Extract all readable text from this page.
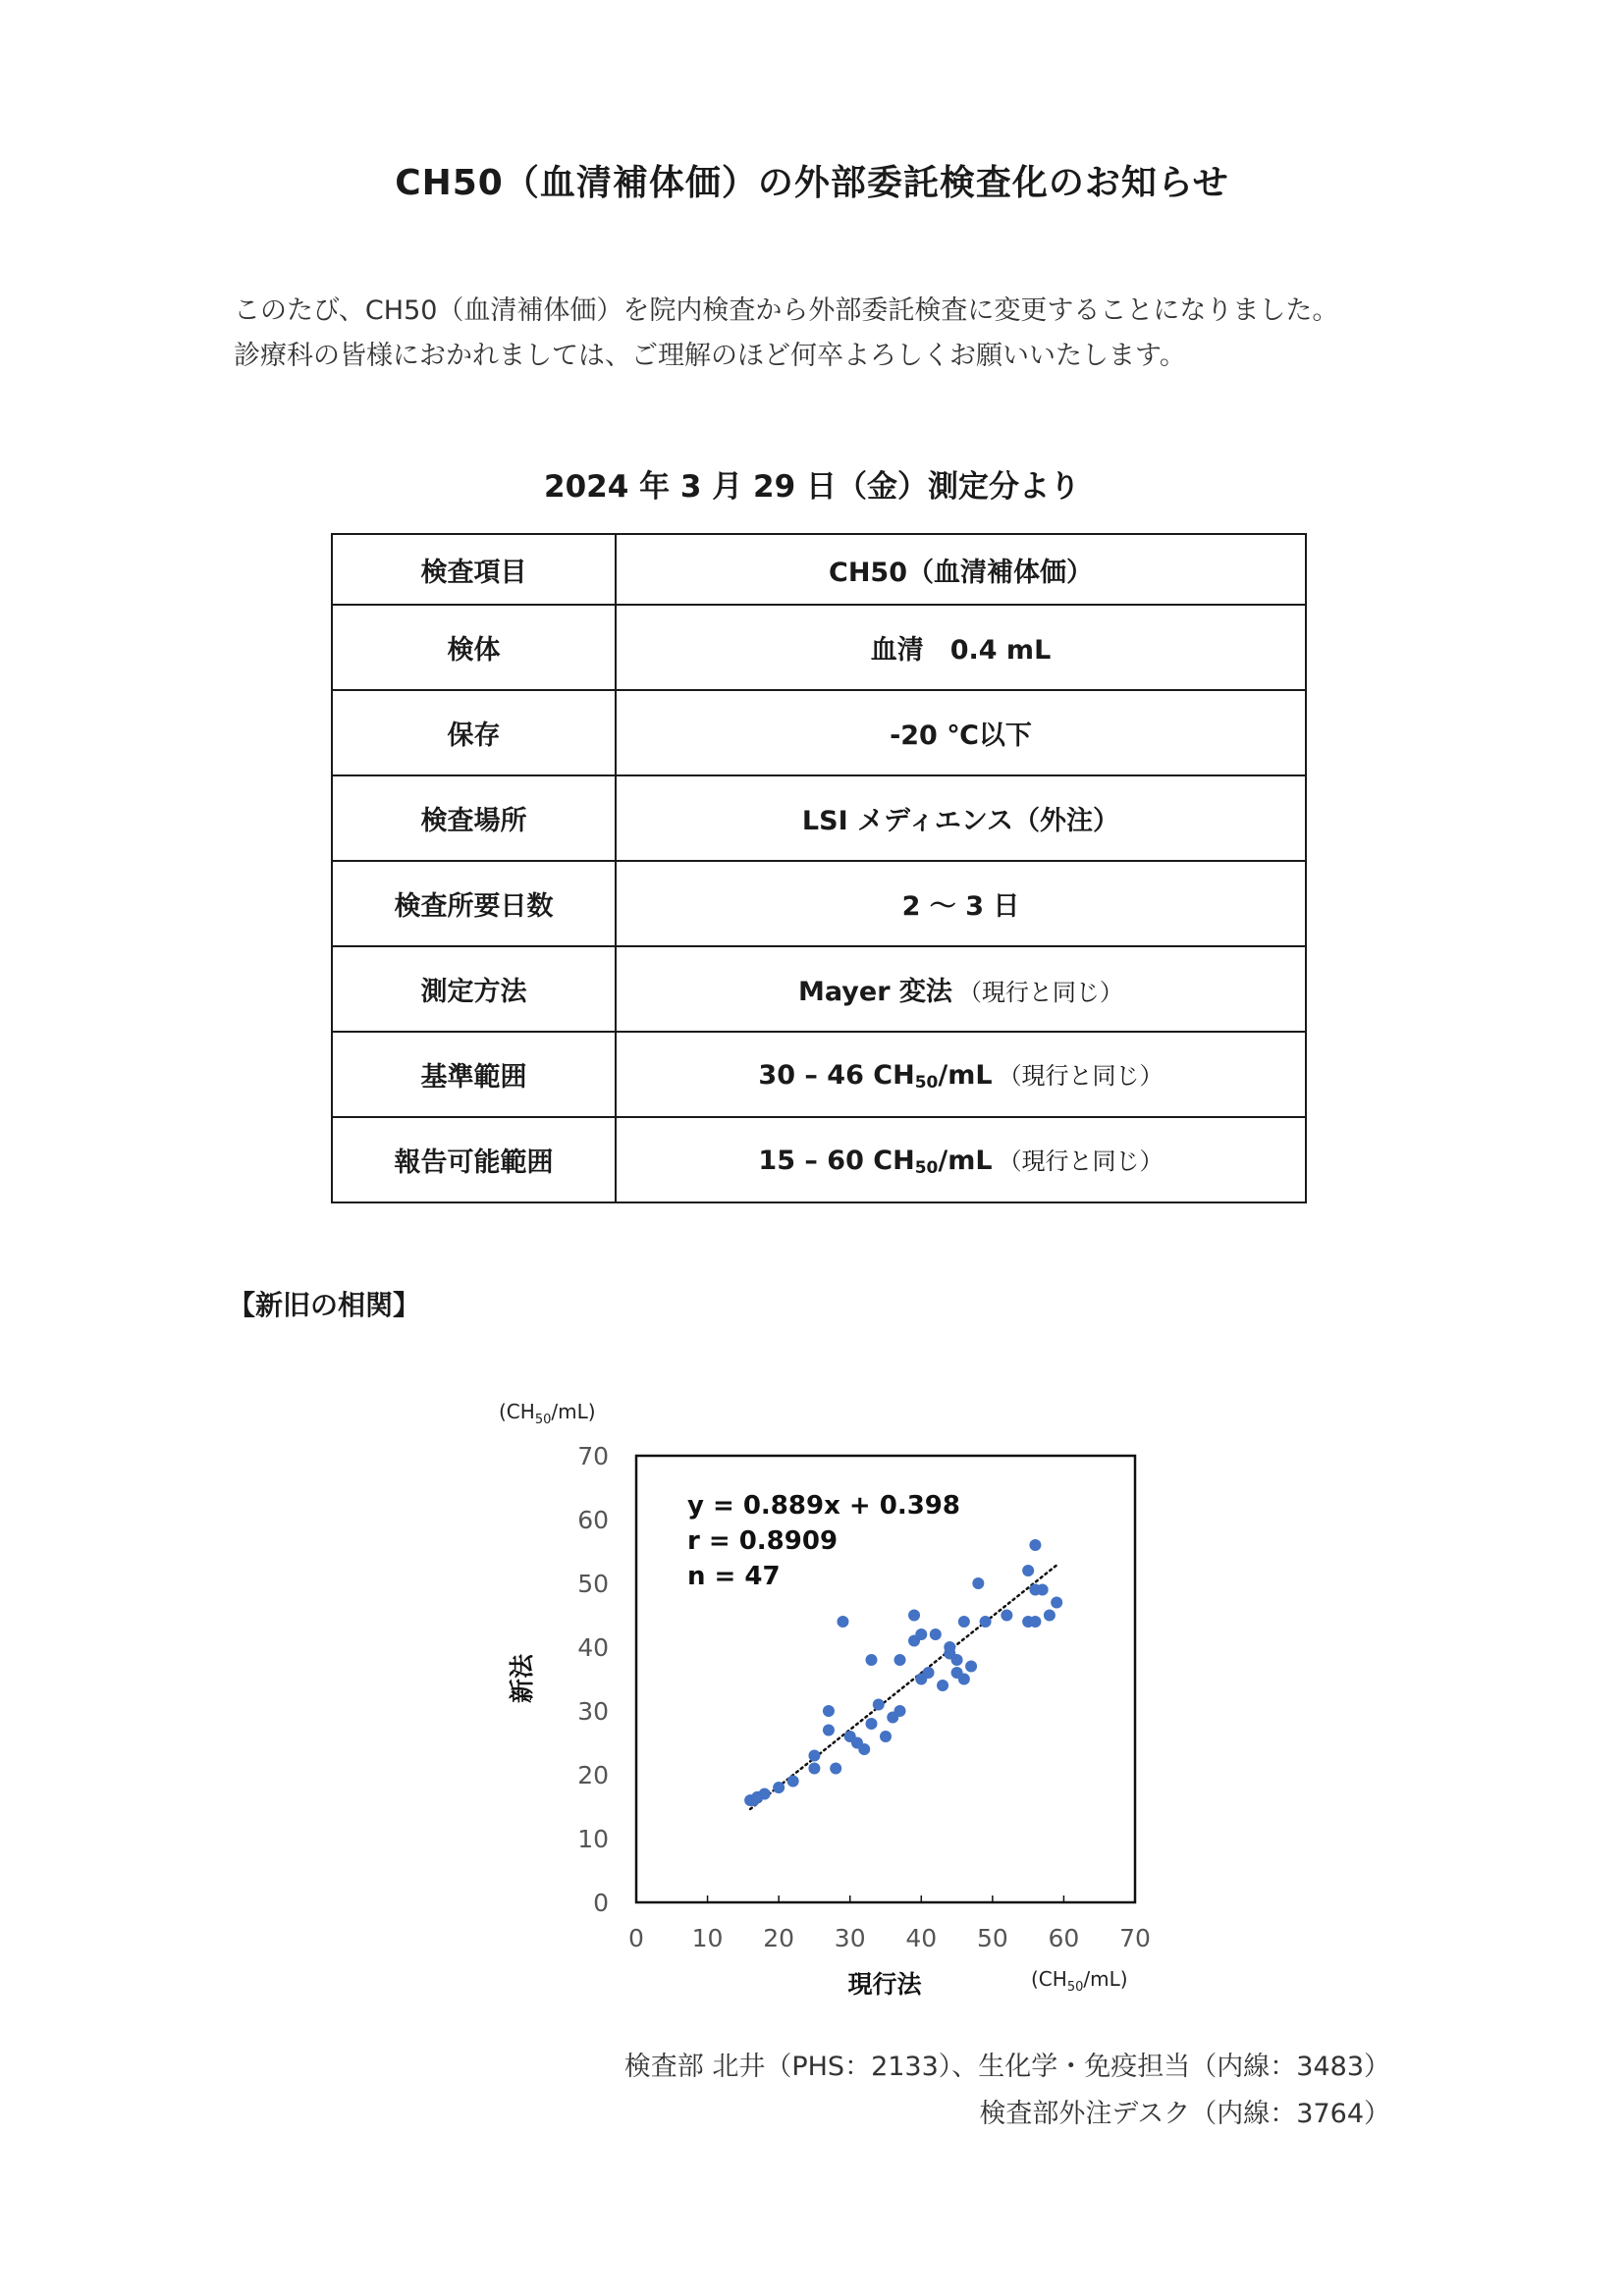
CH50（血清補体価）の外部委託検査化のお知らせ
このたび、CH50（血清補体価）を院内検査から外部委託検査に変更することになりました。
診療科の皆様におかれましては、ご理解のほど何卒よろしくお願いいたします。
2024 年 3 月 29 日（金）測定分より
検査項目	CH50（血清補体価）
検体	血清　0.4 mL
保存	-20 ℃以下
検査場所	LSI メディエンス（外注）
検査所要日数	2 ～ 3 日
測定方法	Mayer 変法 （現行と同じ）
基準範囲	30 – 46 $CH_{50}/mL$ （現行と同じ）
報告可能範囲	15 – 60 $CH_{50}/mL$ （現行と同じ）
【新旧の相関】
0
10
20
30
40
50
60
70
0 10 20 30 40 50 60 70
y = 0.889x + 0.398
r = 0.8909
n = 47
$(CH_{50}/mL)$
$(CH_{50}/mL)$
現行法
新法
検査部 北井（PHS：2133）、生化学・免疫担当（内線：3483）
検査部外注デスク（内線：3764）
